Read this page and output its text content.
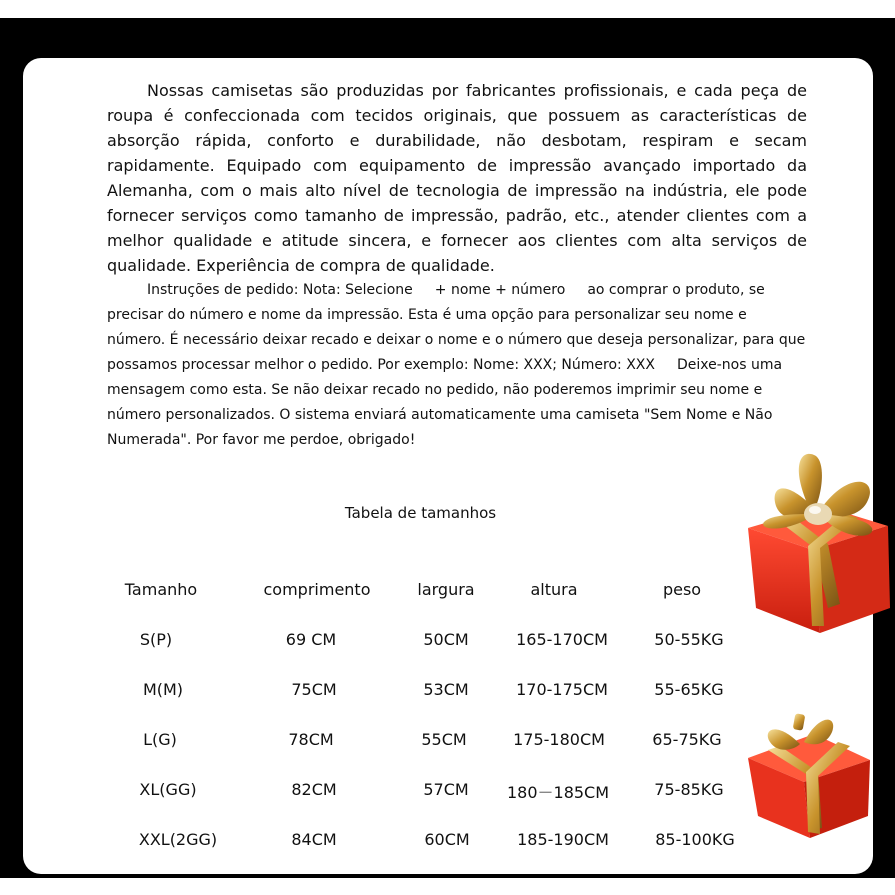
Nossas camisetas são produzidas por fabricantes profissionais, e cada peça de roupa é confeccionada com tecidos originais, que possuem as características de absorção rápida, conforto e durabilidade, não desbotam, respiram e secam rapidamente. Equipado com equipamento de impressão avançado importado da Alemanha, com o mais alto nível de tecnologia de impressão na indústria, ele pode fornecer serviços como tamanho de impressão, padrão, etc., atender clientes com a melhor qualidade e atitude sincera, e fornecer aos clientes com alta serviços de qualidade. Experiência de compra de qualidade.

Instruções de pedido: Nota: Selecione + nome + número ao comprar o produto, se precisar do número e nome da impressão. Esta é uma opção para personalizar seu nome e número. É necessário deixar recado e deixar o nome e o número que deseja personalizar, para que possamos processar melhor o pedido. Por exemplo: Nome: XXX; Número: XXX Deixe-nos uma mensagem como esta. Se não deixar recado no pedido, não poderemos imprimir seu nome e número personalizados. O sistema enviará automaticamente uma camiseta "Sem Nome e Não Numerada". Por favor me perdoe, obrigado!

Tabela de tamanhos
Tamanho	comprimento	largura	altura	peso
S(P)	69 CM	50CM	165-170CM	50-55KG
M(M)	75CM	53CM	170-175CM	55-65KG
L(G)	78CM	55CM	175-180CM	65-75KG
XL(GG)	82CM	57CM 180－185CM	75-85KG
XXL(2GG)	84CM	60CM	185-190CM	85-100KG
